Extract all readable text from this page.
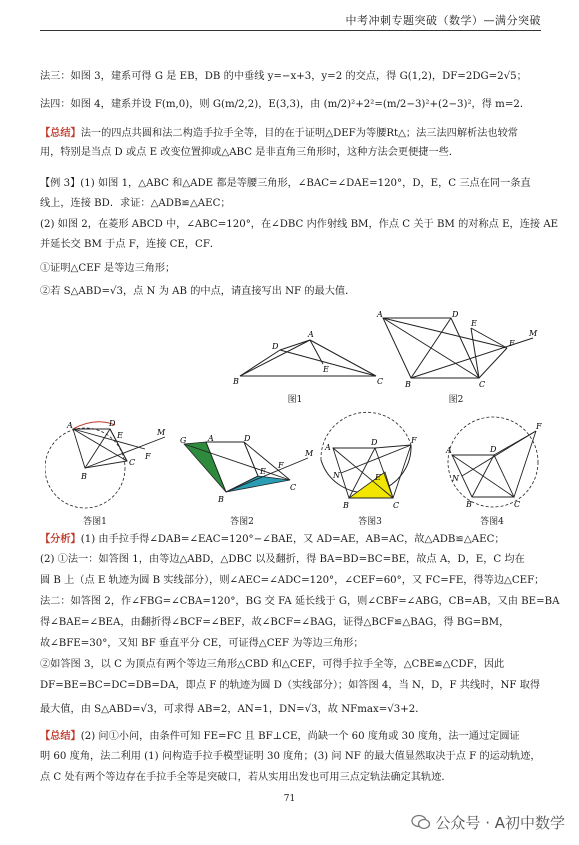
中考冲刺专题突破（数学）—满分突破
法三：如图 3，建系可得 G 是 EB，DB 的中垂线 y=−x+3，y=2 的交点，得 G(1,2)，DF=2DG=2√5；
法四：如图 4，建系并设 F(m,0)，则 G(m/2,2)，E(3,3)，由 (m/2)²+2²=(m/2−3)²+(2−3)²，得 m=2．
【总结】法一的四点共圆和法二构造手拉手全等，目的在于证明△DEF为等腰Rt△；法三法四解析法也较常
用，特别是当点 D 或点 E 改变位置抑或△ABC 是非直角三角形时，这种方法会更便捷一些．
【例 3】(1) 如图 1，△ABC 和△ADE 都是等腰三角形，∠BAC=∠DAE=120°，D，E，C 三点在同一条直
线上，连接 BD．求证：△ADB≌△AEC；
(2) 如图 2，在菱形 ABCD 中，∠ABC=120°，在∠DBC 内作射线 BM，作点 C 关于 BM 的对称点 E，连接 AE
并延长交 BM 于点 F，连接 CE，CF．
①证明△CEF 是等边三角形；
②若 S△ABD=√3，点 N 为 AB 的中点，请直接写出 NF 的最大值．
A
D
E
B	C
图1
A	D
E
F
M
B	C
图2
A	D
E
F
M
B
C
答图1
G	A	D
E
F
M
B
C
答图2
A
D
E
F
N
B	C
答图3
A	D
F
N
B	C
答图4
【分析】(1) 由手拉手得∠DAB=∠EAC=120°−∠BAE，又 AD=AE，AB=AC，故△ADB≌△AEC；
(2) ①法一：如答图 1，由等边△ABD，△DBC 以及翻折，得 BA=BD=BC=BE，故点 A，D，E，C 均在
圆 B 上（点 E 轨迹为圆 B 实线部分），则∠AEC=∠ADC=120°，∠CEF=60°，又 FC=FE，得等边△CEF；
法二：如答图 2，作∠FBG=∠CBA=120°，BG 交 FA 延长线于 G，则∠CBF=∠ABG，CB=AB，又由 BE=BA
得∠BAE=∠BEA，由翻折得∠BCF=∠BEF，故∠BCF=∠BAG，证得△BCF≌△BAG，得 BG=BM，
故∠BFE=30°，又知 BF 垂直平分 CE，可证得△CEF 为等边三角形；
②如答图 3，以 C 为顶点有两个等边三角形△CBD 和△CEF，可得手拉手全等，△CBE≌△CDF，因此
DF=BE=BC=DC=DB=DA，即点 F 的轨迹为圆 D（实线部分）；如答图 4，当 N，D，F 共线时，NF 取得
最大值，由 S△ABD=√3，可求得 AB=2，AN=1，DN=√3，故 NFmax=√3+2．
【总结】(2) 问①小问，由条件可知 FE=FC 且 BF⊥CE，尚缺一个 60 度角或 30 度角，法一通过定圆证
明 60 度角，法二利用 (1) 问构造手拉手模型证明 30 度角；(3) 问 NF 的最大值显然取决于点 F 的运动轨迹，
点 C 处有两个等边存在手拉手全等是突破口，若从实用出发也可用三点定轨法确定其轨迹．
71
公众号 · A初中数学
